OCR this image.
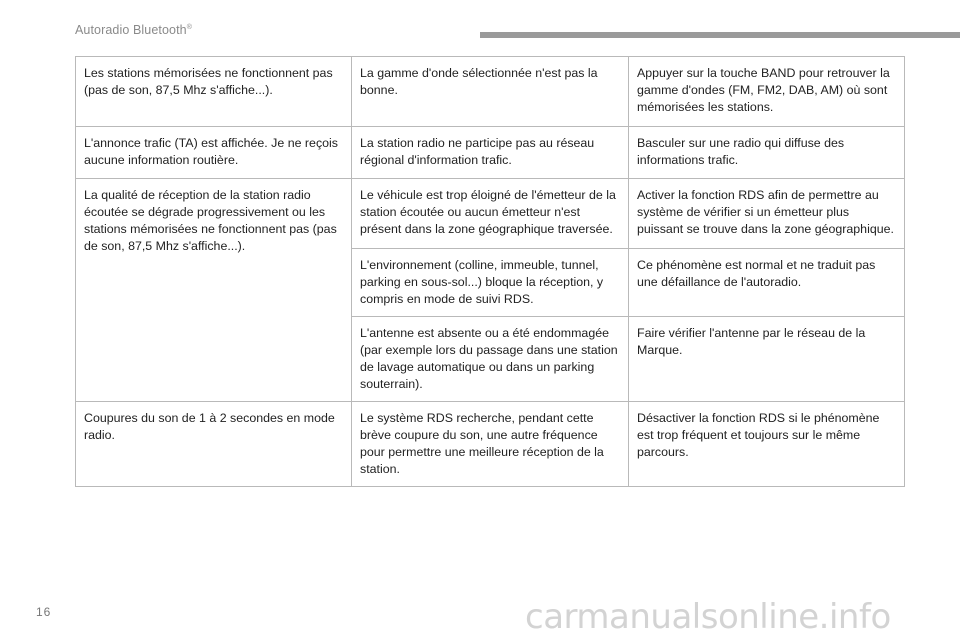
Autoradio Bluetooth®
Les stations mémorisées ne fonctionnent pas (pas de son, 87,5 Mhz s'affiche...).	La gamme d'onde sélectionnée n'est pas la bonne.	Appuyer sur la touche BAND pour retrouver la gamme d'ondes (FM, FM2, DAB, AM) où sont mémorisées les stations.
L'annonce trafic (TA) est affichée. Je ne reçois aucune information routière.	La station radio ne participe pas au réseau régional d'information trafic.	Basculer sur une radio qui diffuse des informations trafic.
La qualité de réception de la station radio écoutée se dégrade progressivement ou les stations mémorisées ne fonctionnent pas (pas de son, 87,5 Mhz s'affiche...).	Le véhicule est trop éloigné de l'émetteur de la station écoutée ou aucun émetteur n'est présent dans la zone géographique traversée.	Activer la fonction RDS afin de permettre au système de vérifier si un émetteur plus puissant se trouve dans la zone géographique.
	L'environnement (colline, immeuble, tunnel, parking en sous-sol...) bloque la réception, y compris en mode de suivi RDS.	Ce phénomène est normal et ne traduit pas une défaillance de l'autoradio.
	L'antenne est absente ou a été endommagée (par exemple lors du passage dans une station de lavage automatique ou dans un parking souterrain).	Faire vérifier l'antenne par le réseau de la Marque.
Coupures du son de 1 à 2 secondes en mode radio.	Le système RDS recherche, pendant cette brève coupure du son, une autre fréquence pour permettre une meilleure réception de la station.	Désactiver la fonction RDS si le phénomène est trop fréquent et toujours sur le même parcours.
16	carmanualsonline.info
